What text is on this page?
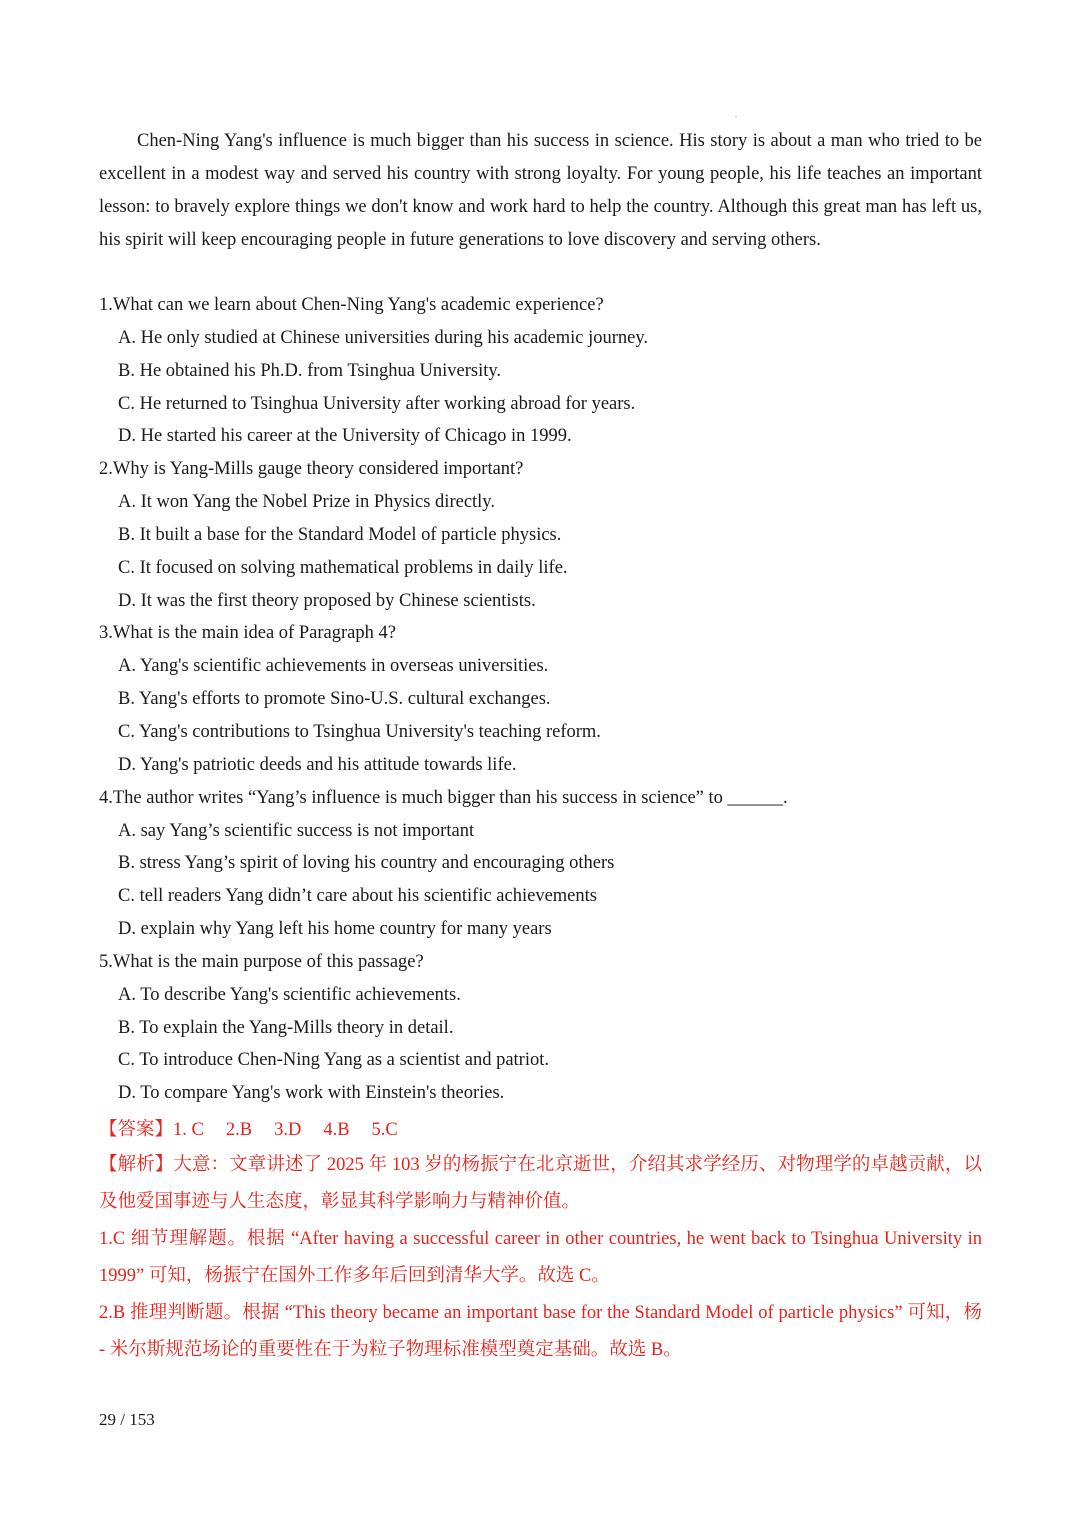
Chen-Ning Yang's influence is much bigger than his success in science. His story is about a man who tried to be excellent in a modest way and served his country with strong loyalty. For young people, his life teaches an important lesson: to bravely explore things we don't know and work hard to help the country. Although this great man has left us, his spirit will keep encouraging people in future generations to love discovery and serving others.

1.What can we learn about Chen-Ning Yang's academic experience?
A. He only studied at Chinese universities during his academic journey.
B. He obtained his Ph.D. from Tsinghua University.
C. He returned to Tsinghua University after working abroad for years.
D. He started his career at the University of Chicago in 1999.
2.Why is Yang-Mills gauge theory considered important?
A. It won Yang the Nobel Prize in Physics directly.
B. It built a base for the Standard Model of particle physics.
C. It focused on solving mathematical problems in daily life.
D. It was the first theory proposed by Chinese scientists.
3.What is the main idea of Paragraph 4?
A. Yang's scientific achievements in overseas universities.
B. Yang's efforts to promote Sino-U.S. cultural exchanges.
C. Yang's contributions to Tsinghua University's teaching reform.
D. Yang's patriotic deeds and his attitude towards life.
4.The author writes “Yang’s influence is much bigger than his success in science” to ______.
A. say Yang’s scientific success is not important
B. stress Yang’s spirit of loving his country and encouraging others
C. tell readers Yang didn’t care about his scientific achievements
D. explain why Yang left his home country for many years
5.What is the main purpose of this passage?
A. To describe Yang's scientific achievements.
B. To explain the Yang-Mills theory in detail.
C. To introduce Chen-Ning Yang as a scientist and patriot.
D. To compare Yang's work with Einstein's theories.
【答案】1. C 2.B 3.D 4.B 5.C

【解析】大意：文章讲述了 2025 年 103 岁的杨振宁在北京逝世，介绍其求学经历、对物理学的卓越贡献，以及他爱国事迹与人生态度，彰显其科学影响力与精神价值。

1.C 细节理解题。根据 “After having a successful career in other countries, he went back to Tsinghua University in 1999” 可知，杨振宁在国外工作多年后回到清华大学。故选 C。

2.B 推理判断题。根据 “This theory became an important base for the Standard Model of particle physics” 可知，杨 - 米尔斯规范场论的重要性在于为粒子物理标准模型奠定基础。故选 B。

29 / 153
